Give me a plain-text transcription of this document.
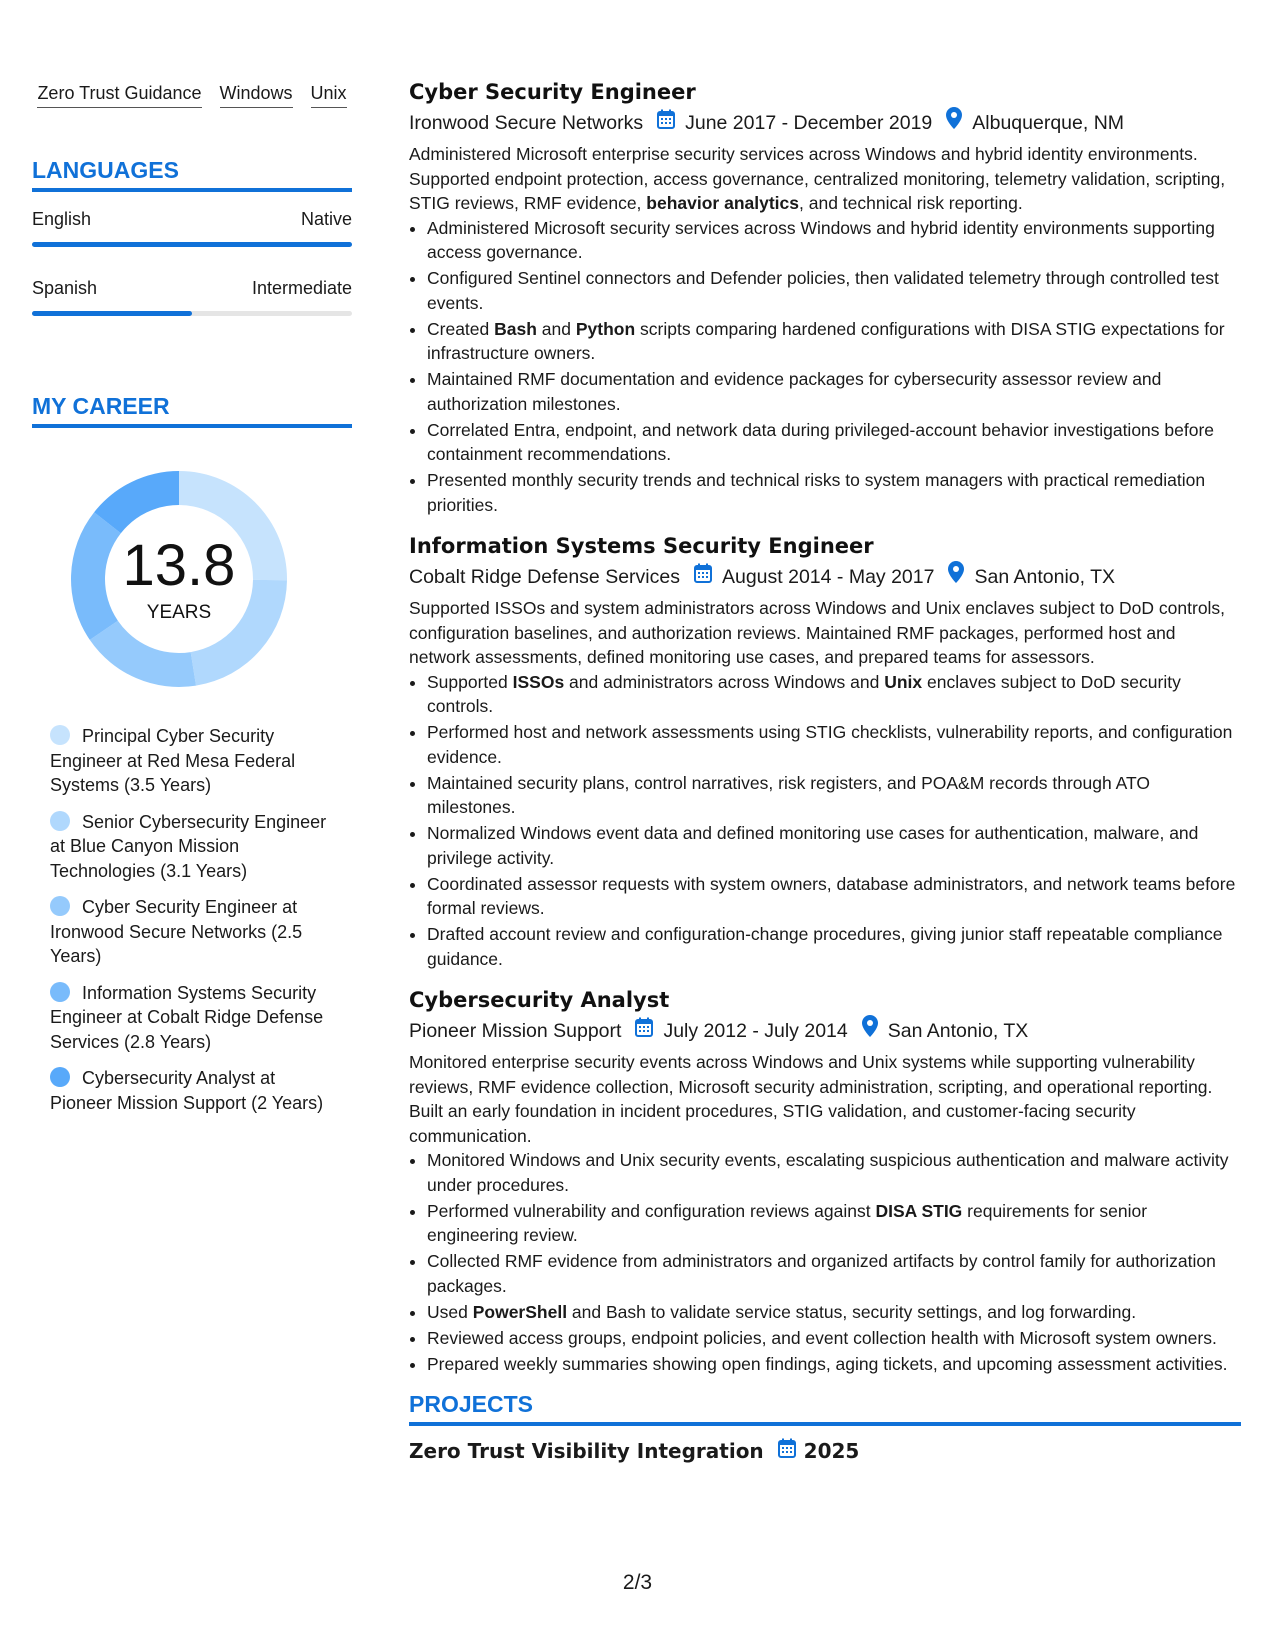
Zero Trust Guidance Windows Unix
LANGUAGES
English	Native
Spanish	Intermediate
MY CAREER
13.8
YEARS
Principal Cyber Security Engineer at Red Mesa Federal Systems (3.5 Years)
Senior Cybersecurity Engineer at Blue Canyon Mission Technologies (3.1 Years)
Cyber Security Engineer at Ironwood Secure Networks (2.5 Years)
Information Systems Security Engineer at Cobalt Ridge Defense Services (2.8 Years)
Cybersecurity Analyst at Pioneer Mission Support (2 Years)
Cyber Security Engineer
Ironwood Secure Networks June 2017 - December 2019 Albuquerque, NM

Administered Microsoft enterprise security services across Windows and hybrid identity environments. Supported endpoint protection, access governance, centralized monitoring, telemetry validation, scripting, STIG reviews, RMF evidence, behavior analytics, and technical risk reporting.

• Administered Microsoft security services across Windows and hybrid identity environments supporting access governance.
• Configured Sentinel connectors and Defender policies, then validated telemetry through controlled test events.
• Created Bash and Python scripts comparing hardened configurations with DISA STIG expectations for infrastructure owners.
• Maintained RMF documentation and evidence packages for cybersecurity assessor review and authorization milestones.
• Correlated Entra, endpoint, and network data during privileged-account behavior investigations before containment recommendations.
• Presented monthly security trends and technical risks to system managers with practical remediation priorities.
Information Systems Security Engineer
Cobalt Ridge Defense Services August 2014 - May 2017 San Antonio, TX

Supported ISSOs and system administrators across Windows and Unix enclaves subject to DoD controls, configuration baselines, and authorization reviews. Maintained RMF packages, performed host and network assessments, defined monitoring use cases, and prepared teams for assessors.

• Supported ISSOs and administrators across Windows and Unix enclaves subject to DoD security controls.
• Performed host and network assessments using STIG checklists, vulnerability reports, and configuration evidence.
• Maintained security plans, control narratives, risk registers, and POA&M records through ATO milestones.
• Normalized Windows event data and defined monitoring use cases for authentication, malware, and privilege activity.
• Coordinated assessor requests with system owners, database administrators, and network teams before formal reviews.
• Drafted account review and configuration-change procedures, giving junior staff repeatable compliance guidance.
Cybersecurity Analyst
Pioneer Mission Support July 2012 - July 2014 San Antonio, TX

Monitored enterprise security events across Windows and Unix systems while supporting vulnerability reviews, RMF evidence collection, Microsoft security administration, scripting, and operational reporting. Built an early foundation in incident procedures, STIG validation, and customer-facing security communication.

• Monitored Windows and Unix security events, escalating suspicious authentication and malware activity under procedures.
• Performed vulnerability and configuration reviews against DISA STIG requirements for senior engineering review.
• Collected RMF evidence from administrators and organized artifacts by control family for authorization packages.
• Used PowerShell and Bash to validate service status, security settings, and log forwarding.
• Reviewed access groups, endpoint policies, and event collection health with Microsoft system owners.
• Prepared weekly summaries showing open findings, aging tickets, and upcoming assessment activities.
PROJECTS
Zero Trust Visibility Integration 2025
2/3
